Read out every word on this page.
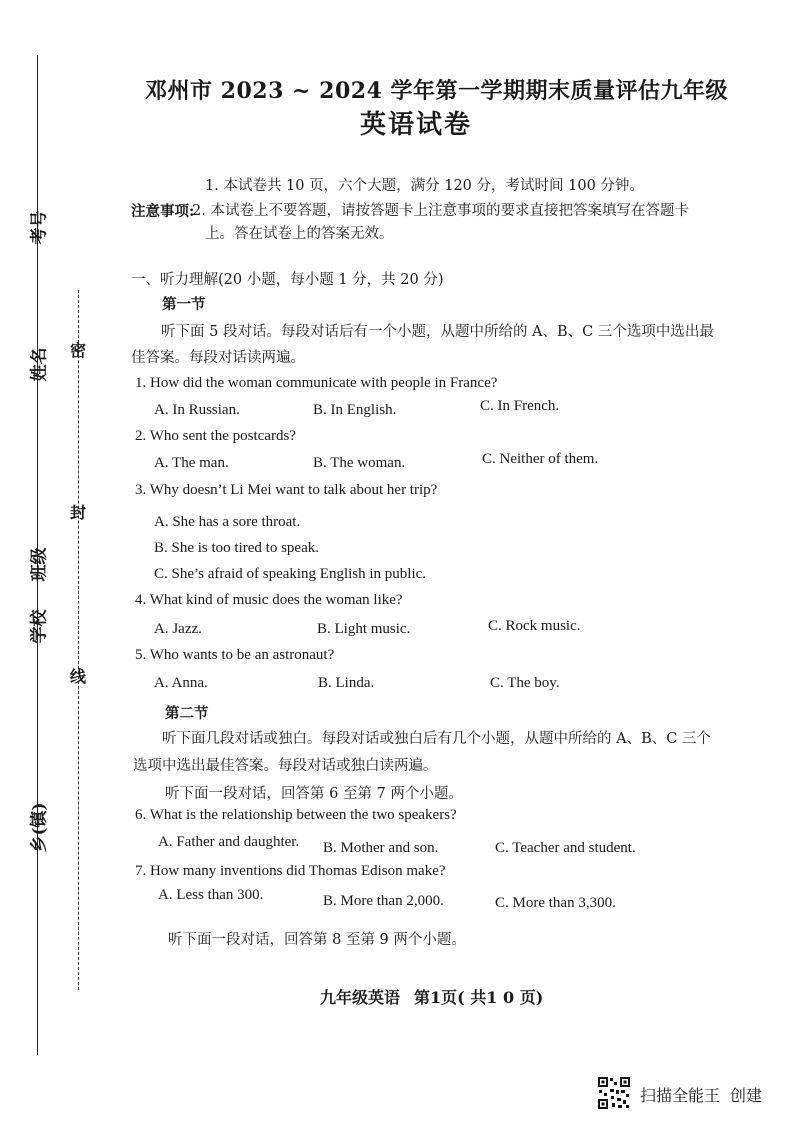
考号
姓名
班级
学校
乡(镇)
密
封
线
邓州市 2023 ~ 2024 学年第一学期期末质量评估九年级
英语试卷
注意事项:
1. 本试卷共 10 页，六个大题，满分 120 分，考试时间 100 分钟。
2. 本试卷上不要答题，请按答题卡上注意事项的要求直接把答案填写在答题卡
上。答在试卷上的答案无效。
一、听力理解(20 小题，每小题 1 分，共 20 分)
第一节
听下面 5 段对话。每段对话后有一个小题，从题中所给的 A、B、C 三个选项中选出最
佳答案。每段对话读两遍。
1. How did the woman communicate with people in France?
A. In Russian.	B. In English.	C. In French.
2. Who sent the postcards?
A. The man.	B. The woman.	C. Neither of them.
3. Why doesn’t Li Mei want to talk about her trip?
A. She has a sore throat.
B. She is too tired to speak.
C. She’s afraid of speaking English in public.
4. What kind of music does the woman like?
A. Jazz.	B. Light music.	C. Rock music.
5. Who wants to be an astronaut?
A. Anna.	B. Linda.	C. The boy.
第二节
听下面几段对话或独白。每段对话或独白后有几个小题，从题中所给的 A、B、C 三个
选项中选出最佳答案。每段对话或独白读两遍。
听下面一段对话，回答第 6 至第 7 两个小题。
6. What is the relationship between the two speakers?
A. Father and daughter. B. Mother and son.	C. Teacher and student.
7. How many inventions did Thomas Edison make?
A. Less than 300.	B. More than 2,000.	C. More than 3,300.
听下面一段对话，回答第 8 至第 9 两个小题。
九年级英语 第1页( 共1 0 页)
扫描全能王 创建
